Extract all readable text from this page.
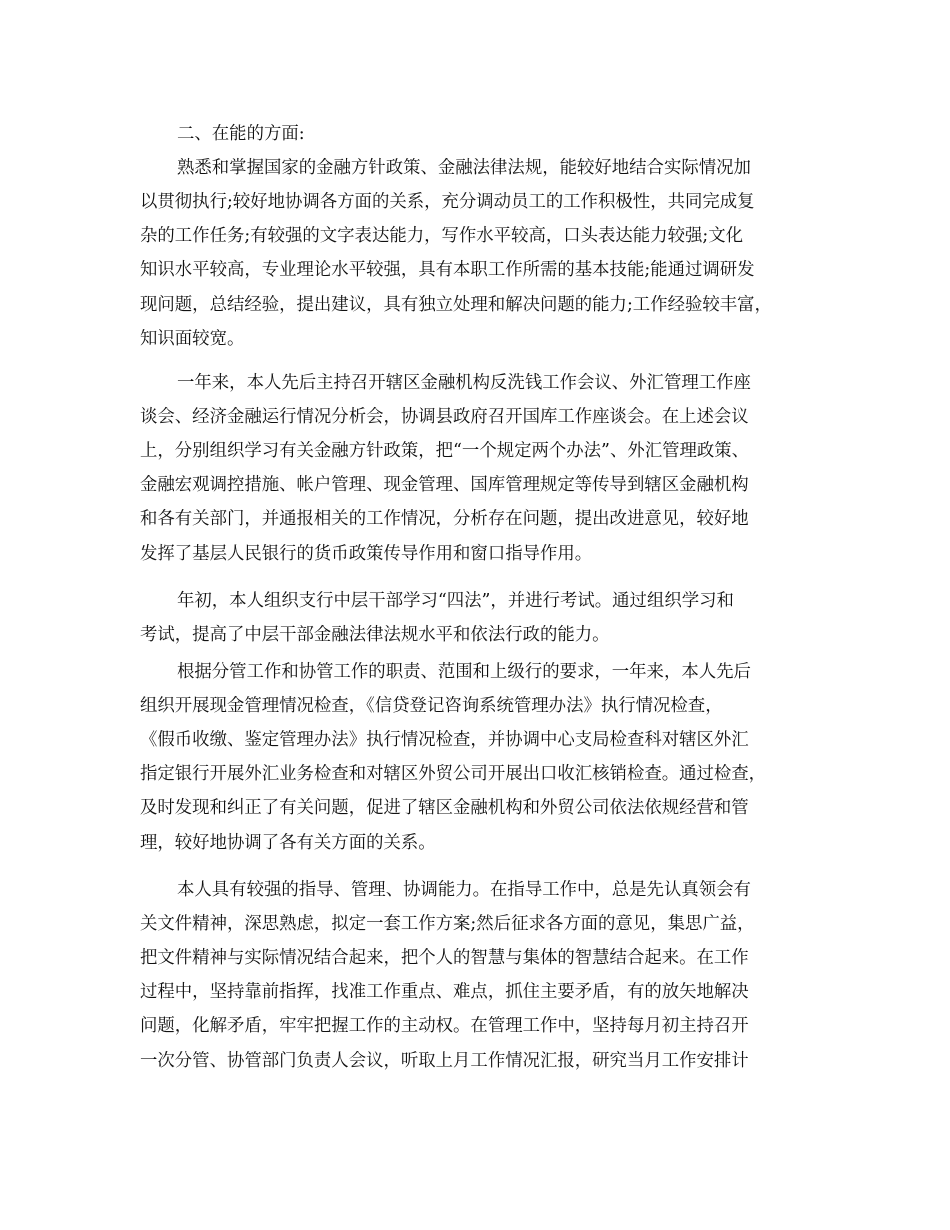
二、在能的方面:
熟悉和掌握国家的金融方针政策、金融法律法规，能较好地结合实际情况加
以贯彻执行;较好地协调各方面的关系，充分调动员工的工作积极性，共同完成复
杂的工作任务;有较强的文字表达能力，写作水平较高，口头表达能力较强;文化
知识水平较高，专业理论水平较强，具有本职工作所需的基本技能;能通过调研发
现问题，总结经验，提出建议，具有独立处理和解决问题的能力;工作经验较丰富，
知识面较宽。
一年来，本人先后主持召开辖区金融机构反洗钱工作会议、外汇管理工作座
谈会、经济金融运行情况分析会，协调县政府召开国库工作座谈会。在上述会议
上，分别组织学习有关金融方针政策，把“一个规定两个办法”、外汇管理政策、
金融宏观调控措施、帐户管理、现金管理、国库管理规定等传导到辖区金融机构
和各有关部门，并通报相关的工作情况，分析存在问题，提出改进意见，较好地
发挥了基层人民银行的货币政策传导作用和窗口指导作用。
年初，本人组织支行中层干部学习“四法”，并进行考试。通过组织学习和
考试，提高了中层干部金融法律法规水平和依法行政的能力。
根据分管工作和协管工作的职责、范围和上级行的要求，一年来，本人先后
组织开展现金管理情况检查，《信贷登记咨询系统管理办法》执行情况检查，
《假币收缴、鉴定管理办法》执行情况检查，并协调中心支局检查科对辖区外汇
指定银行开展外汇业务检查和对辖区外贸公司开展出口收汇核销检查。通过检查，
及时发现和纠正了有关问题，促进了辖区金融机构和外贸公司依法依规经营和管
理，较好地协调了各有关方面的关系。
本人具有较强的指导、管理、协调能力。在指导工作中，总是先认真领会有
关文件精神，深思熟虑，拟定一套工作方案;然后征求各方面的意见，集思广益，
把文件精神与实际情况结合起来，把个人的智慧与集体的智慧结合起来。在工作
过程中，坚持靠前指挥，找准工作重点、难点，抓住主要矛盾，有的放矢地解决
问题，化解矛盾，牢牢把握工作的主动权。在管理工作中，坚持每月初主持召开
一次分管、协管部门负责人会议，听取上月工作情况汇报，研究当月工作安排计
